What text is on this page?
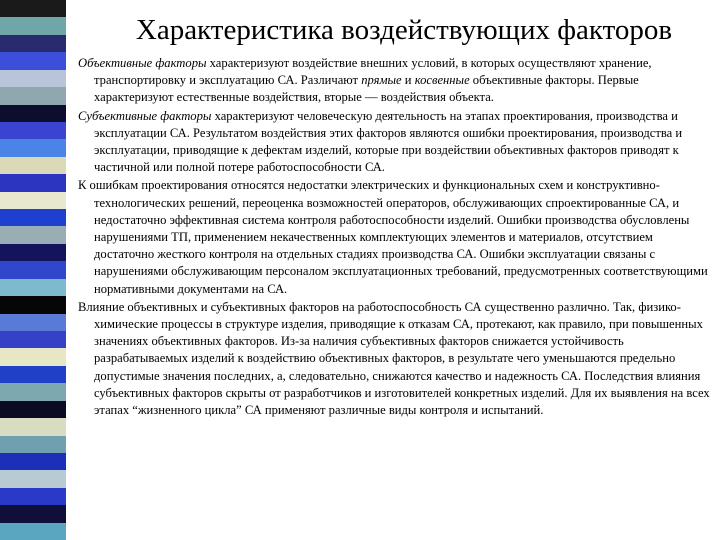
Характеристика воздействующих факторов

Объективные факторы характеризуют воздействие внешних условий, в которых осуществляют хранение, транспортировку и эксплуатацию СА. Различают прямые и косвенные объективные факторы. Первые характеризуют естественные воздействия, вторые — воздействия объекта.

Субъективные факторы характеризуют человеческую деятельность на этапах проектирования, производства и эксплуатации СА. Результатом воздействия этих факторов являются ошибки проектирования, производства и эксплуатации, приводящие к дефектам изделий, которые при воздействии объективных факторов приводят к частичной или полной потере работоспособности СА.

К ошибкам проектирования относятся недостатки электрических и функциональных схем и конструктивно-технологических решений, переоценка возможностей операторов, обслуживающих спроектированные СА, и недостаточно эффективная система контроля работоспособности изделий. Ошибки производства обусловлены нарушениями ТП, применением некачественных комплектующих элементов и материалов, отсутствием достаточно жесткого контроля на отдельных стадиях производства СА. Ошибки эксплуатации связаны с нарушениями обслуживающим персоналом эксплуатационных требований, предусмотренных соответствующими нормативными документами на СА.

Влияние объективных и субъективных факторов на работоспособность СА существенно различно. Так, физико-химические процессы в структуре изделия, приводящие к отказам СА, протекают, как правило, при повышенных значениях объективных факторов. Из-за наличия субъективных факторов снижается устойчивость разрабатываемых изделий к воздействию объективных факторов, в результате чего уменьшаются предельно допустимые значения последних, а, следовательно, снижаются качество и надежность СА. Последствия влияния субъективных факторов скрыты от разработчиков и изготовителей конкретных изделий. Для их выявления на всех этапах “жизненного цикла” СА применяют различные виды контроля и испытаний.
